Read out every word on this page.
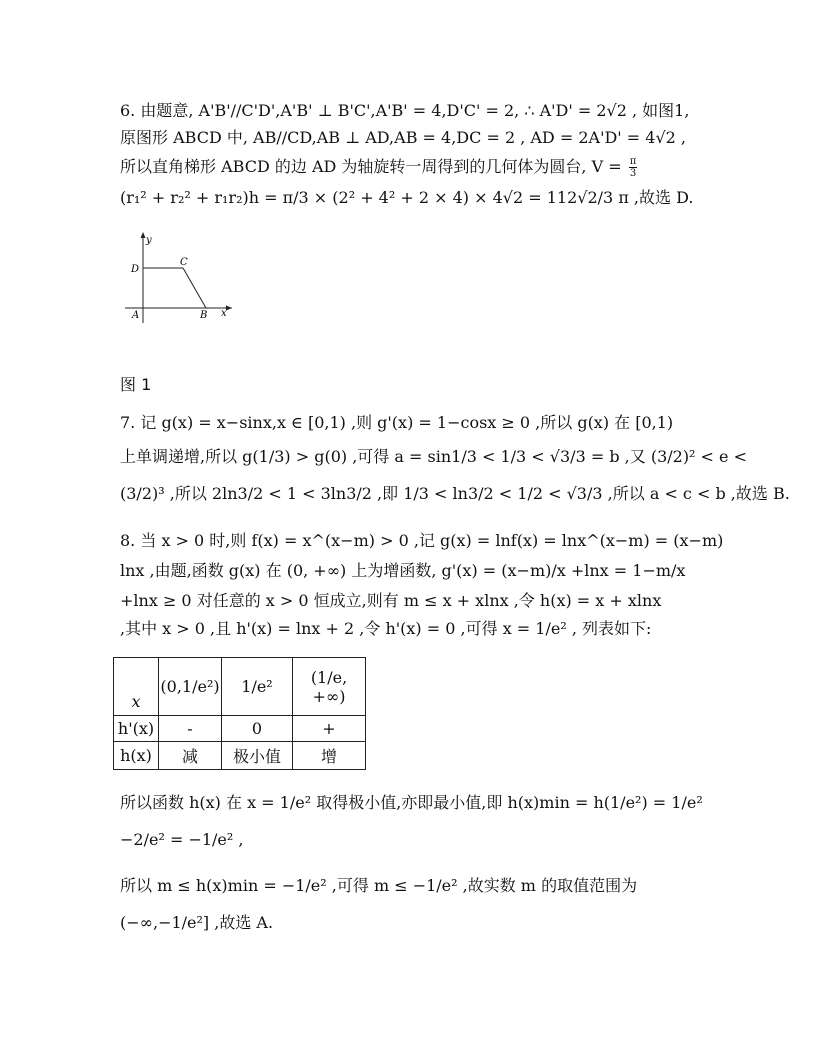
6. 由题意, A'B'//C'D',A'B' ⊥ B'C',A'B' = 4,D'C' = 2, ∴ A'D' = 2√2 , 如图1,
原图形 ABCD 中, AB//CD,AB ⊥ AD,AB = 4,DC = 2 , AD = 2A'D' = 4√2 ,
所以直角梯形 ABCD 的边 AD 为轴旋转一周得到的几何体为圆台, $V = \frac{\pi}{3}$
(r₁² + r₂² + r₁r₂)h = π/3 × (2² + 4² + 2 × 4) × 4√2 = 112√2/3 π ,故选 D.
y
x
D
C
A	B
图 1
7. 记 g(x) = x−sinx,x ∈ [0,1) ,则 g'(x) = 1−cosx ≥ 0 ,所以 g(x) 在 [0,1)
上单调递增,所以 g(1/3) > g(0) ,可得 a = sin1/3 < 1/3 < √3/3 = b ,又 (3/2)² < e <
(3/2)³ ,所以 2ln3/2 < 1 < 3ln3/2 ,即 1/3 < ln3/2 < 1/2 < √3/3 ,所以 a < c < b ,故选 B.
8. 当 x > 0 时,则 f(x) = x^(x−m) > 0 ,记 g(x) = lnf(x) = lnx^(x−m) = (x−m)
lnx ,由题,函数 g(x) 在 (0, +∞) 上为增函数, g'(x) = (x−m)/x +lnx = 1−m/x
+lnx ≥ 0 对任意的 x > 0 恒成立,则有 m ≤ x + xlnx ,令 h(x) = x + xlnx
,其中 x > 0 ,且 h'(x) = lnx + 2 ,令 h'(x) = 0 ,可得 x = 1/e² , 列表如下:
x	(0,1/e²)	1/e²	(1/e, +∞)
h'(x)	-	0	+
h(x)	减	极小值	增
所以函数 h(x) 在 x = 1/e² 取得极小值,亦即最小值,即 h(x)min = h(1/e²) = 1/e²
−2/e² = −1/e² ,
所以 m ≤ h(x)min = −1/e² ,可得 m ≤ −1/e² ,故实数 m 的取值范围为
(−∞,−1/e²] ,故选 A.
